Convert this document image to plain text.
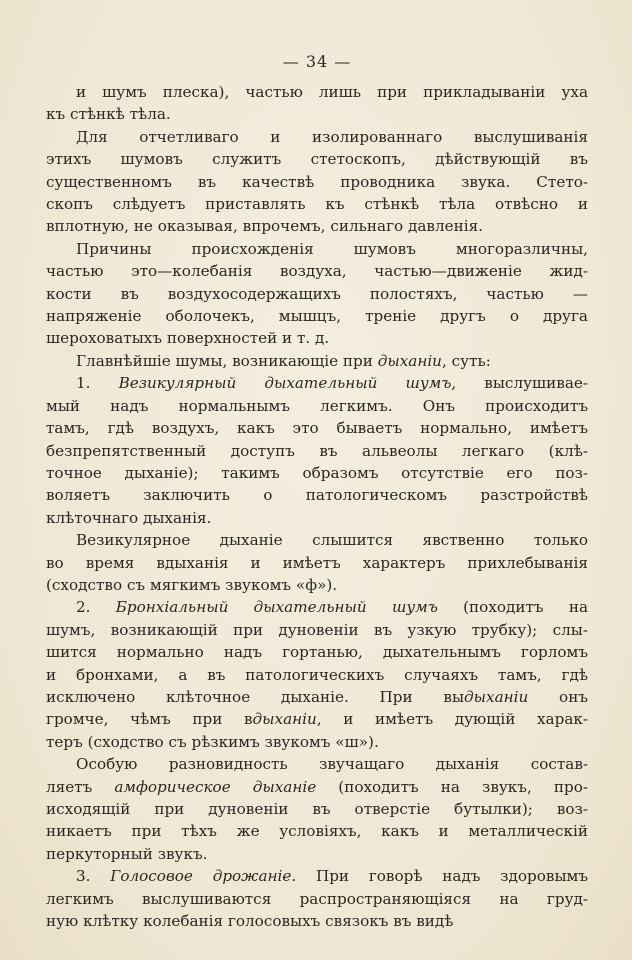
— 34 —
и шумъ плеска), частью лишь при прикладываніи уха
къ стѣнкѣ тѣла.
Для отчетливаго и изолированнаго выслушиванія
этихъ шумовъ служитъ стетоскопъ, дѣйствующій въ
существенномъ въ качествѣ проводника звука. Стето-
скопъ слѣдуетъ приставлять къ стѣнкѣ тѣла отвѣсно и
вплотную, не оказывая, впрочемъ, сильнаго давленія.
Причины происхожденія шумовъ многоразличны,
частью это—колебанія воздуха, частью—движеніе жид-
кости въ воздухосодержащихъ полостяхъ, частью —
напряженіе оболочекъ, мышцъ, треніе другъ о друга
шероховатыхъ поверхностей и т. д.
Главнѣйшіе шумы, возникающіе при дыханіи, суть:
1. Везикулярный дыхательный шумъ, выслушивае-
мый надъ нормальнымъ легкимъ. Онъ происходитъ
тамъ, гдѣ воздухъ, какъ это бываетъ нормально, имѣетъ
безпрепятственный доступъ въ альвеолы легкаго (клѣ-
точное дыханіе); такимъ образомъ отсутствіе его поз-
воляетъ заключить о патологическомъ разстройствѣ
клѣточнаго дыханія.
Везикулярное дыханіе слышится явственно только
во время вдыханія и имѣетъ характеръ прихлебыванія
(сходство съ мягкимъ звукомъ «ф»).
2. Бронхіальный дыхательный шумъ (походитъ на
шумъ, возникающій при дуновеніи въ узкую трубку); слы-
шится нормально надъ гортанью, дыхательнымъ горломъ
и бронхами, а въ патологическихъ случаяхъ тамъ, гдѣ
исключено клѣточное дыханіе. При выдыханіи онъ
громче, чѣмъ при вдыханіи, и имѣетъ дующій харак-
теръ (сходство съ рѣзкимъ звукомъ «ш»).
Особую разновидность звучащаго дыханія состав-
ляетъ амфорическое дыханіе (походитъ на звукъ, про-
исходящій при дуновеніи въ отверстіе бутылки); воз-
никаетъ при тѣхъ же условіяхъ, какъ и металлическій
перкуторный звукъ.
3. Голосовое дрожаніе. При говорѣ надъ здоровымъ
легкимъ выслушиваются распространяющіяся на груд-
ную клѣтку колебанія голосовыхъ связокъ въ видѣ
